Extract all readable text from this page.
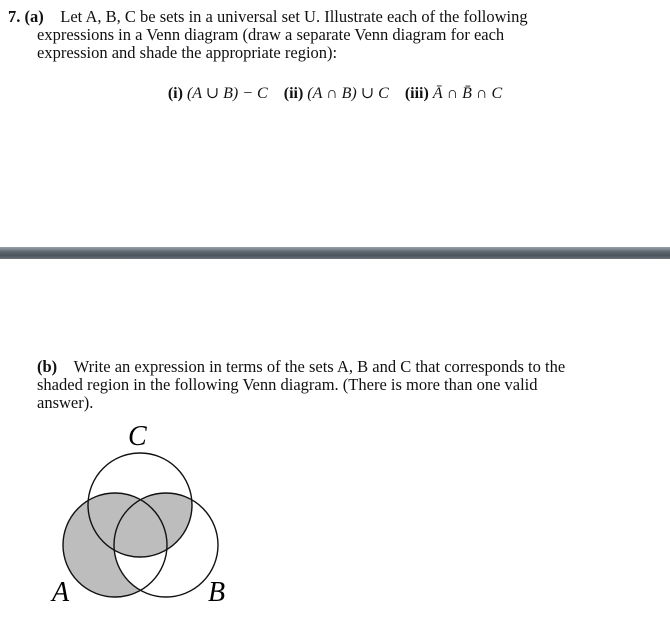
7. (a) Let A, B, C be sets in a universal set U. Illustrate each of the following
expressions in a Venn diagram (draw a separate Venn diagram for each
expression and shade the appropriate region):
(i) (A ∪ B) − C (ii) (A ∩ B) ∪ C (iii) Ā ∩ B̄ ∩ C
(b) Write an expression in terms of the sets A, B and C that corresponds to the
shaded region in the following Venn diagram. (There is more than one valid
answer).
A	B
C
